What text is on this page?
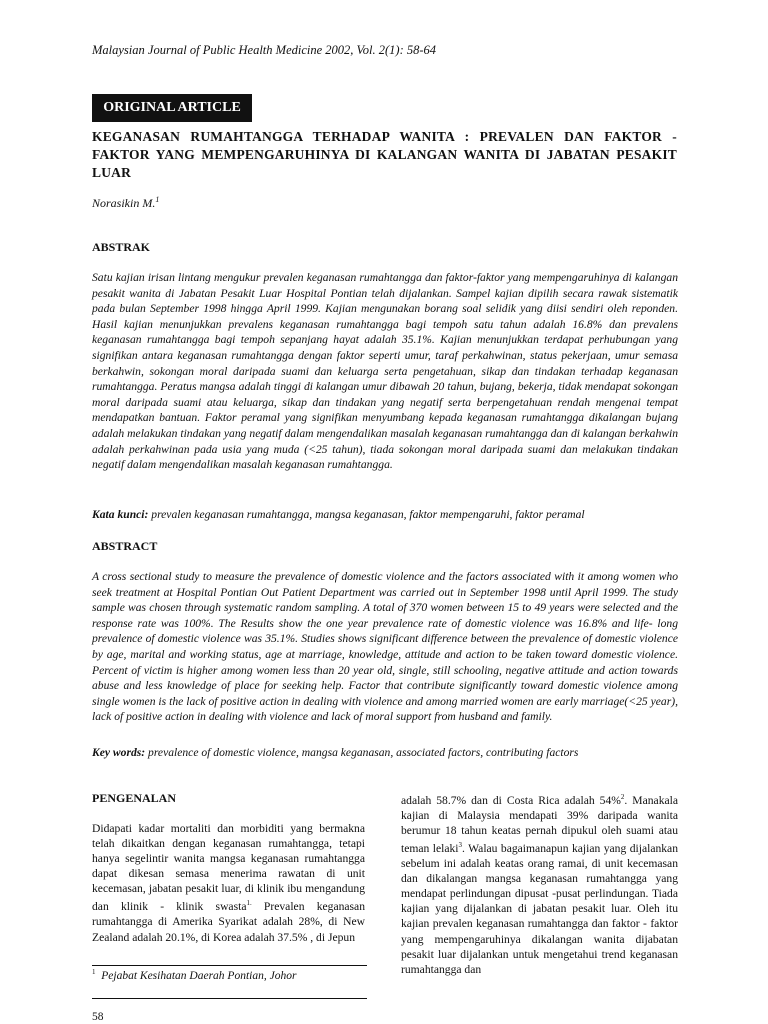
Malaysian Journal of Public Health Medicine 2002, Vol. 2(1): 58-64
ORIGINAL ARTICLE
KEGANASAN RUMAHTANGGA TERHADAP WANITA : PREVALEN DAN FAKTOR - FAKTOR YANG MEMPENGARUHINYA DI KALANGAN WANITA DI JABATAN PESAKIT LUAR
Norasikin M.$^1$
ABSTRAK

Satu kajian irisan lintang mengukur prevalen keganasan rumahtangga dan faktor-faktor yang mempengaruhinya di kalangan pesakit wanita di Jabatan Pesakit Luar Hospital Pontian telah dijalankan. Sampel kajian dipilih secara rawak sistematik pada bulan September 1998 hingga April 1999. Kajian mengunakan borang soal selidik yang diisi sendiri oleh reponden. Hasil kajian menunjukkan prevalens keganasan rumahtangga bagi tempoh satu tahun adalah 16.8% dan prevalens keganasan rumahtangga bagi tempoh sepanjang hayat adalah 35.1%. Kajian menunjukkan terdapat perhubungan yang signifikan antara keganasan rumahtangga dengan faktor seperti umur, taraf perkahwinan, status pekerjaan, umur semasa berkahwin, sokongan moral daripada suami dan keluarga serta pengetahuan, sikap dan tindakan terhadap keganasan rumahtangga. Peratus mangsa adalah tinggi di kalangan umur dibawah 20 tahun, bujang, bekerja, tidak mendapat sokongan moral daripada suami atau keluarga, sikap dan tindakan yang negatif serta berpengetahuan rendah mengenai tempat mendapatkan bantuan. Faktor peramal yang signifikan menyumbang kepada keganasan rumahtangga dikalangan bujang adalah melakukan tindakan yang negatif dalam mengendalikan masalah keganasan rumahtangga dan di kalangan berkahwin adalah perkahwinan pada usia yang muda (<25 tahun), tiada sokongan moral daripada suami dan melakukan tindakan negatif dalam mengendalikan masalah keganasan rumahtangga.

Kata kunci: prevalen keganasan rumahtangga, mangsa keganasan, faktor mempengaruhi, faktor peramal

ABSTRACT

A cross sectional study to measure the prevalence of domestic violence and the factors associated with it among women who seek treatment at Hospital Pontian Out Patient Department was carried out in September 1998 until April 1999. The study sample was chosen through systematic random sampling. A total of 370 women between 15 to 49 years were selected and the response rate was 100%. The Results show the one year prevalence rate of domestic violence was 16.8% and life- long prevalence of domestic violence was 35.1%. Studies shows significant difference between the prevalence of domestic violence by age, marital and working status, age at marriage, knowledge, attitude and action to be taken toward domestic violence. Percent of victim is higher among women less than 20 year old, single, still schooling, negative attitude and action towards abuse and less knowledge of place for seeking help. Factor that contribute significantly toward domestic violence among single women is the lack of positive action in dealing with violence and among married women are early marriage(<25 year), lack of positive action in dealing with violence and lack of moral support from husband and family.

Key words: prevalence of domestic violence, mangsa keganasan, associated factors, contributing factors

PENGENALAN

Didapati kadar mortaliti dan morbiditi yang bermakna telah dikaitkan dengan keganasan rumahtangga, tetapi hanya segelintir wanita mangsa keganasan rumahtangga dapat dikesan semasa menerima rawatan di unit kecemasan, jabatan pesakit luar, di klinik ibu mengandung dan klinik - klinik swasta$^{1.}$ Prevalen keganasan rumahtangga di Amerika Syarikat adalah 28%, di New Zealand adalah 20.1%, di Korea adalah 37.5% , di Jepun

adalah 58.7% dan di Costa Rica adalah 54%$^2$. Manakala kajian di Malaysia mendapati 39% daripada wanita berumur 18 tahun keatas pernah dipukul oleh suami atau teman lelaki$^3$. Walau bagaimanapun kajian yang dijalankan sebelum ini adalah keatas orang ramai, di unit kecemasan dan dikalangan mangsa keganasan rumahtangga yang mendapat perlindungan dipusat -pusat perlindungan. Tiada kajian yang dijalankan di jabatan pesakit luar. Oleh itu kajian prevalen keganasan rumahtangga dan faktor - faktor yang mempengaruhinya dikalangan wanita dijabatan pesakit luar dijalankan untuk mengetahui trend keganasan rumahtangga dan

$^1$ Pejabat Kesihatan Daerah Pontian, Johor
58
